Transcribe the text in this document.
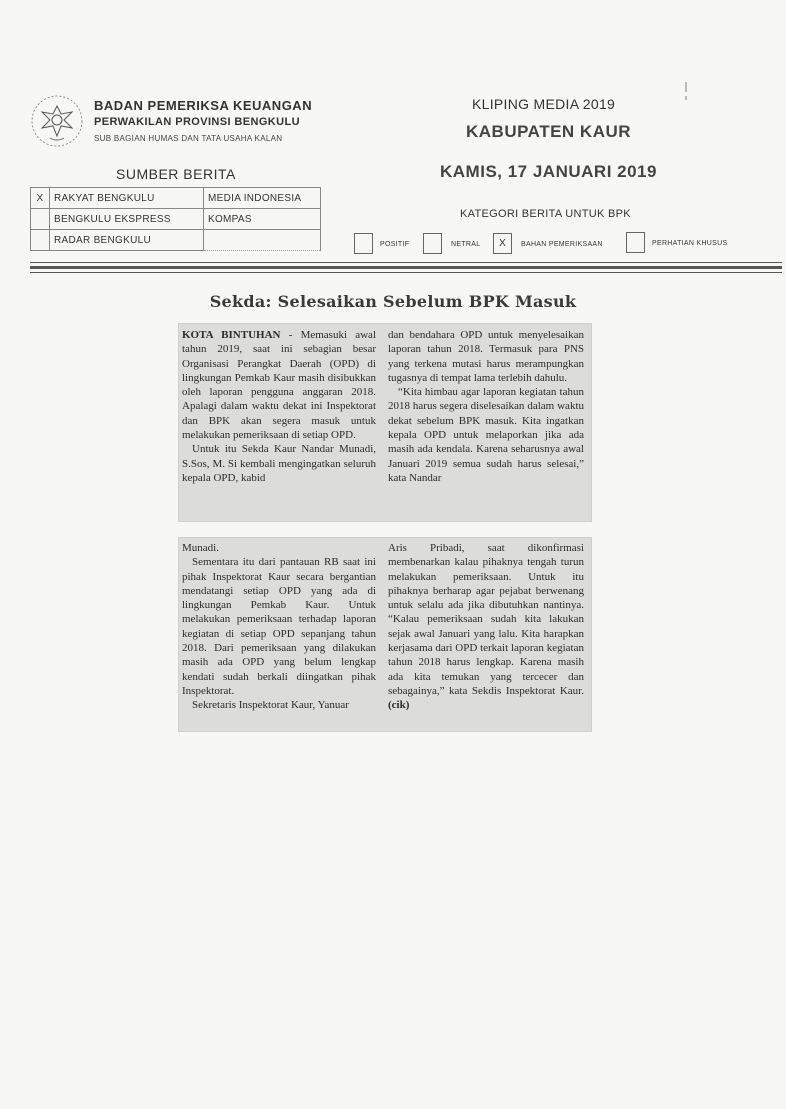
BADAN PEMERIKSA KEUANGAN
PERWAKILAN PROVINSI BENGKULU
SUB BAGIAN HUMAS DAN TATA USAHA KALAN
KLIPING MEDIA 2019
KABUPATEN KAUR
KAMIS, 17 JANUARI 2019
SUMBER BERITA
X	RAKYAT BENGKULU	MEDIA INDONESIA
	BENGKULU EKSPRESS	KOMPAS
	RADAR BENGKULU	
KATEGORI BERITA UNTUK BPK
POSITIF	NETRAL	X	BAHAN PEMERIKSAAN	PERHATIAN KHUSUS
Sekda: Selesaikan Sebelum BPK Masuk

KOTA BINTUHAN - Memasuki awal tahun 2019, saat ini sebagian besar Organisasi Perangkat Daerah (OPD) di lingkungan Pemkab Kaur masih disibukkan oleh laporan pengguna anggaran 2018. Apalagi dalam waktu dekat ini Inspektorat dan BPK akan segera masuk untuk melakukan pemeriksaan di setiap OPD.

Untuk itu Sekda Kaur Nandar Munadi, S.Sos, M. Si kembali mengingatkan seluruh kepala OPD, kabid

dan bendahara OPD untuk menyelesaikan laporan tahun 2018. Termasuk para PNS yang terkena mutasi harus merampungkan tugasnya di tempat lama terlebih dahulu.

“Kita himbau agar laporan kegiatan tahun 2018 harus segera diselesaikan dalam waktu dekat sebelum BPK masuk. Kita ingatkan kepala OPD untuk melaporkan jika ada masih ada kendala. Karena seharusnya awal Januari 2019 semua sudah harus selesai,” kata Nandar

Munadi.

Sementara itu dari pantauan RB saat ini pihak Inspektorat Kaur secara bergantian mendatangi setiap OPD yang ada di lingkungan Pemkab Kaur. Untuk melakukan pemeriksaan terhadap laporan kegiatan di setiap OPD sepanjang tahun 2018. Dari pemeriksaan yang dilakukan masih ada OPD yang belum lengkap kendati sudah berkali diingatkan pihak Inspektorat.

Sekretaris Inspektorat Kaur, Yanuar

Aris Pribadi, saat dikonfirmasi membenarkan kalau pihaknya tengah turun melakukan pemeriksaan. Untuk itu pihaknya berharap agar pejabat berwenang untuk selalu ada jika dibutuhkan nantinya. “Kalau pemeriksaan sudah kita lakukan sejak awal Januari yang lalu. Kita harapkan kerjasama dari OPD terkait laporan kegiatan tahun 2018 harus lengkap. Karena masih ada kita temukan yang tercecer dan sebagainya,” kata Sekdis Inspektorat Kaur. (cik)
